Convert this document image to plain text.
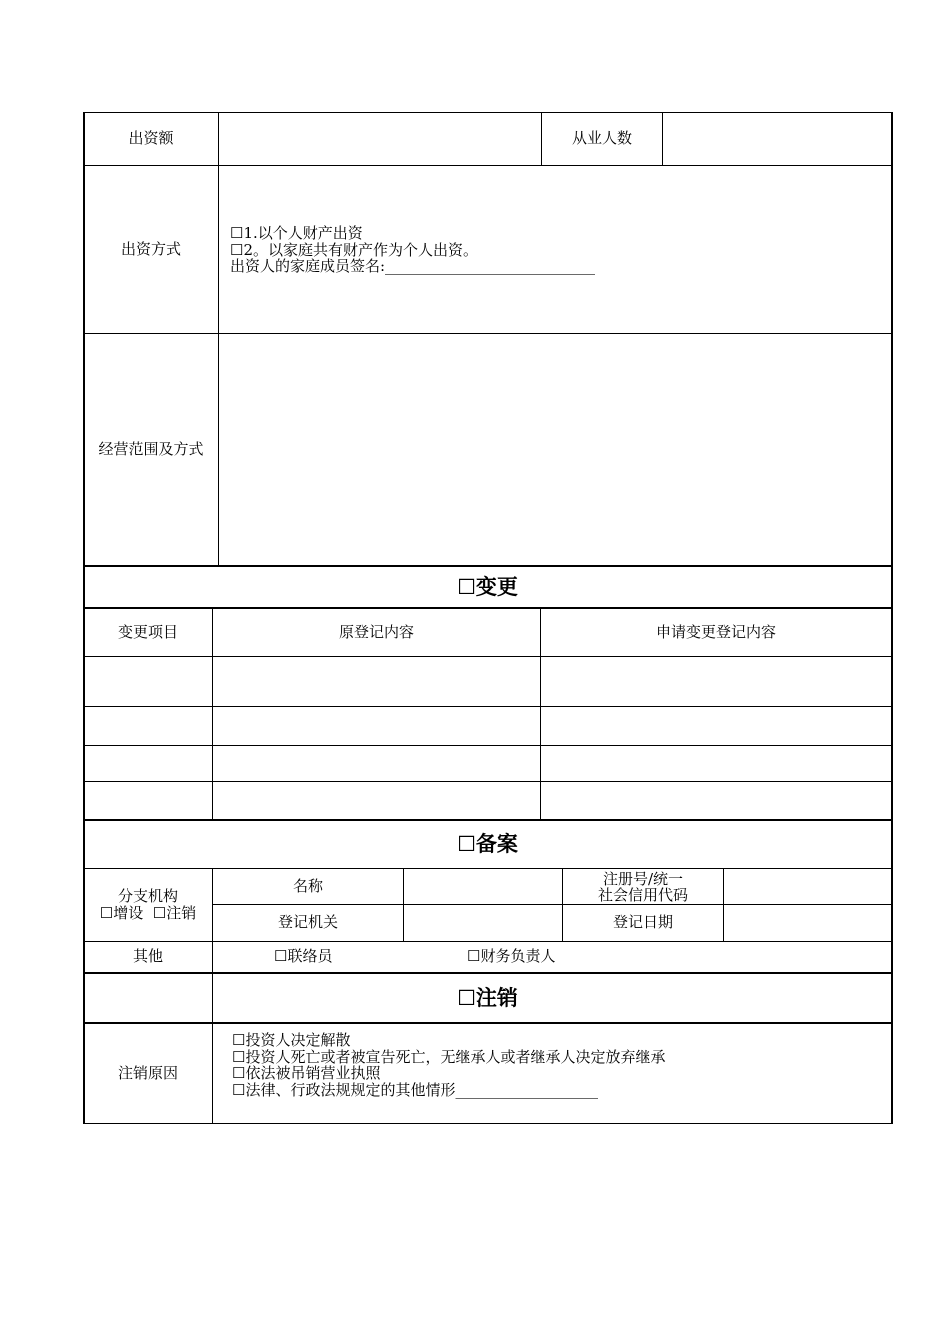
出资额	从业人数
出资方式
☐1.以个人财产出资
☐2。以家庭共有财产作为个人出资。
出资人的家庭成员签名:____________________________
经营范围及方式
☐变更
变更项目	原登记内容	申请变更登记内容
☐备案
分支机构
☐增设  ☐注销
名称	注册号/统一
社会信用代码
登记机关	登记日期
其他	☐联络员	☐财务负责人
☐注销
注销原因
☐投资人决定解散
☐投资人死亡或者被宣告死亡，无继承人或者继承人决定放弃继承
☐依法被吊销营业执照
☐法律、行政法规规定的其他情形___________________
